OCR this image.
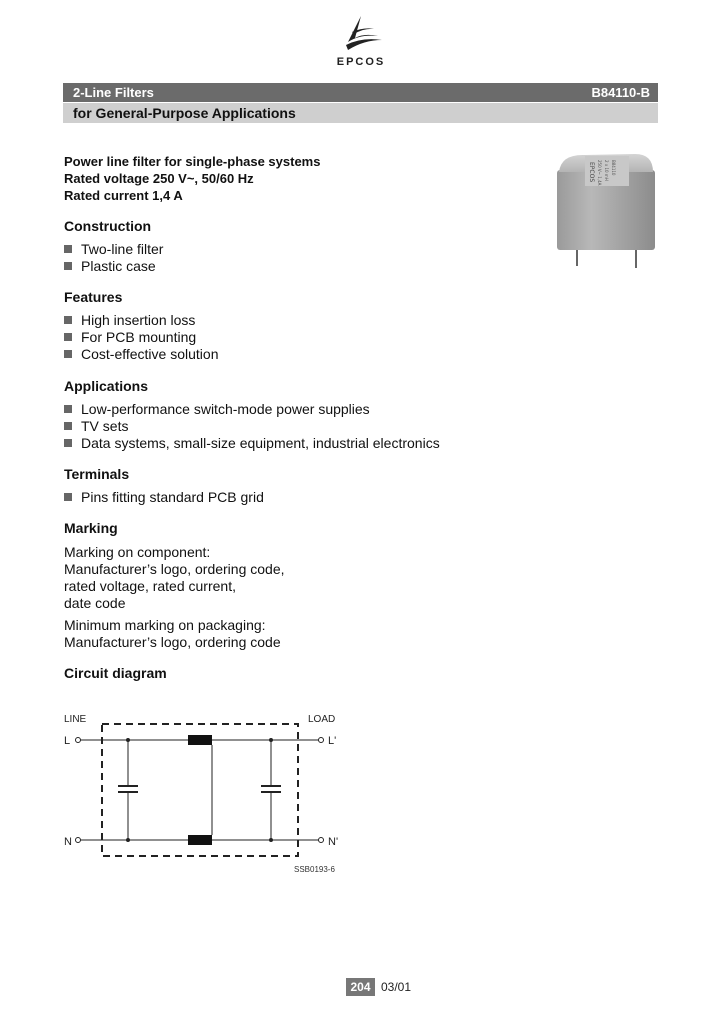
EPCOS
2-Line Filters	B84110-B
for General-Purpose Applications
Power line filter for single-phase systems
Rated voltage 250 V~, 50/60 Hz
Rated current 1,4 A
EPCOS 250 V~ 1,4A 2 x 10 mH B84110
Construction
Two-line filter
Plastic case
Features
High insertion loss
For PCB mounting
Cost-effective solution
Applications
Low-performance switch-mode power supplies
TV sets
Data systems, small-size equipment, industrial electronics
Terminals
Pins fitting standard PCB grid
Marking
Marking on component:
Manufacturer’s logo, ordering code,
rated voltage, rated current,
date code
Minimum marking on packaging:
Manufacturer’s logo, ordering code
Circuit diagram
LINE	LOAD
L
N
L'
N'
SSB0193-6
204 03/01
